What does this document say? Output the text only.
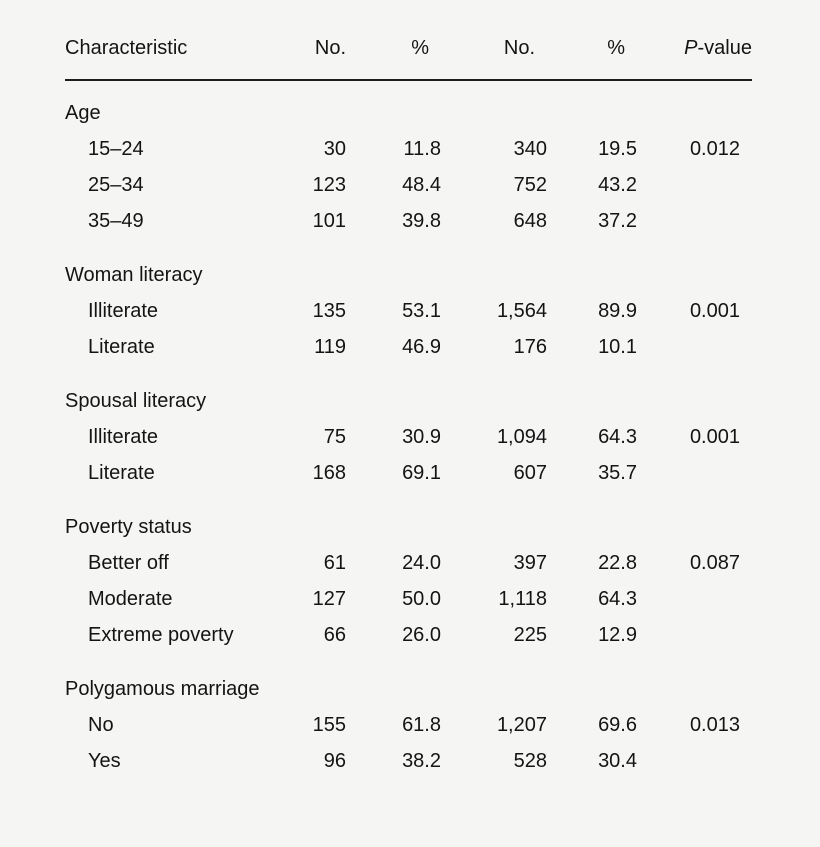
Characteristic	No.	%	No.	%	P-value
Age					
15–24	30	11.8	340	19.5	0.012
25–34	123	48.4	752	43.2	
35–49	101	39.8	648	37.2	
Woman literacy					
Illiterate	135	53.1	1,564	89.9	0.001
Literate	119	46.9	176	10.1	
Spousal literacy					
Illiterate	75	30.9	1,094	64.3	0.001
Literate	168	69.1	607	35.7	
Poverty status					
Better off	61	24.0	397	22.8	0.087
Moderate	127	50.0	1,118	64.3	
Extreme poverty	66	26.0	225	12.9	
Polygamous marriage					
No	155	61.8	1,207	69.6	0.013
Yes	96	38.2	528	30.4	
